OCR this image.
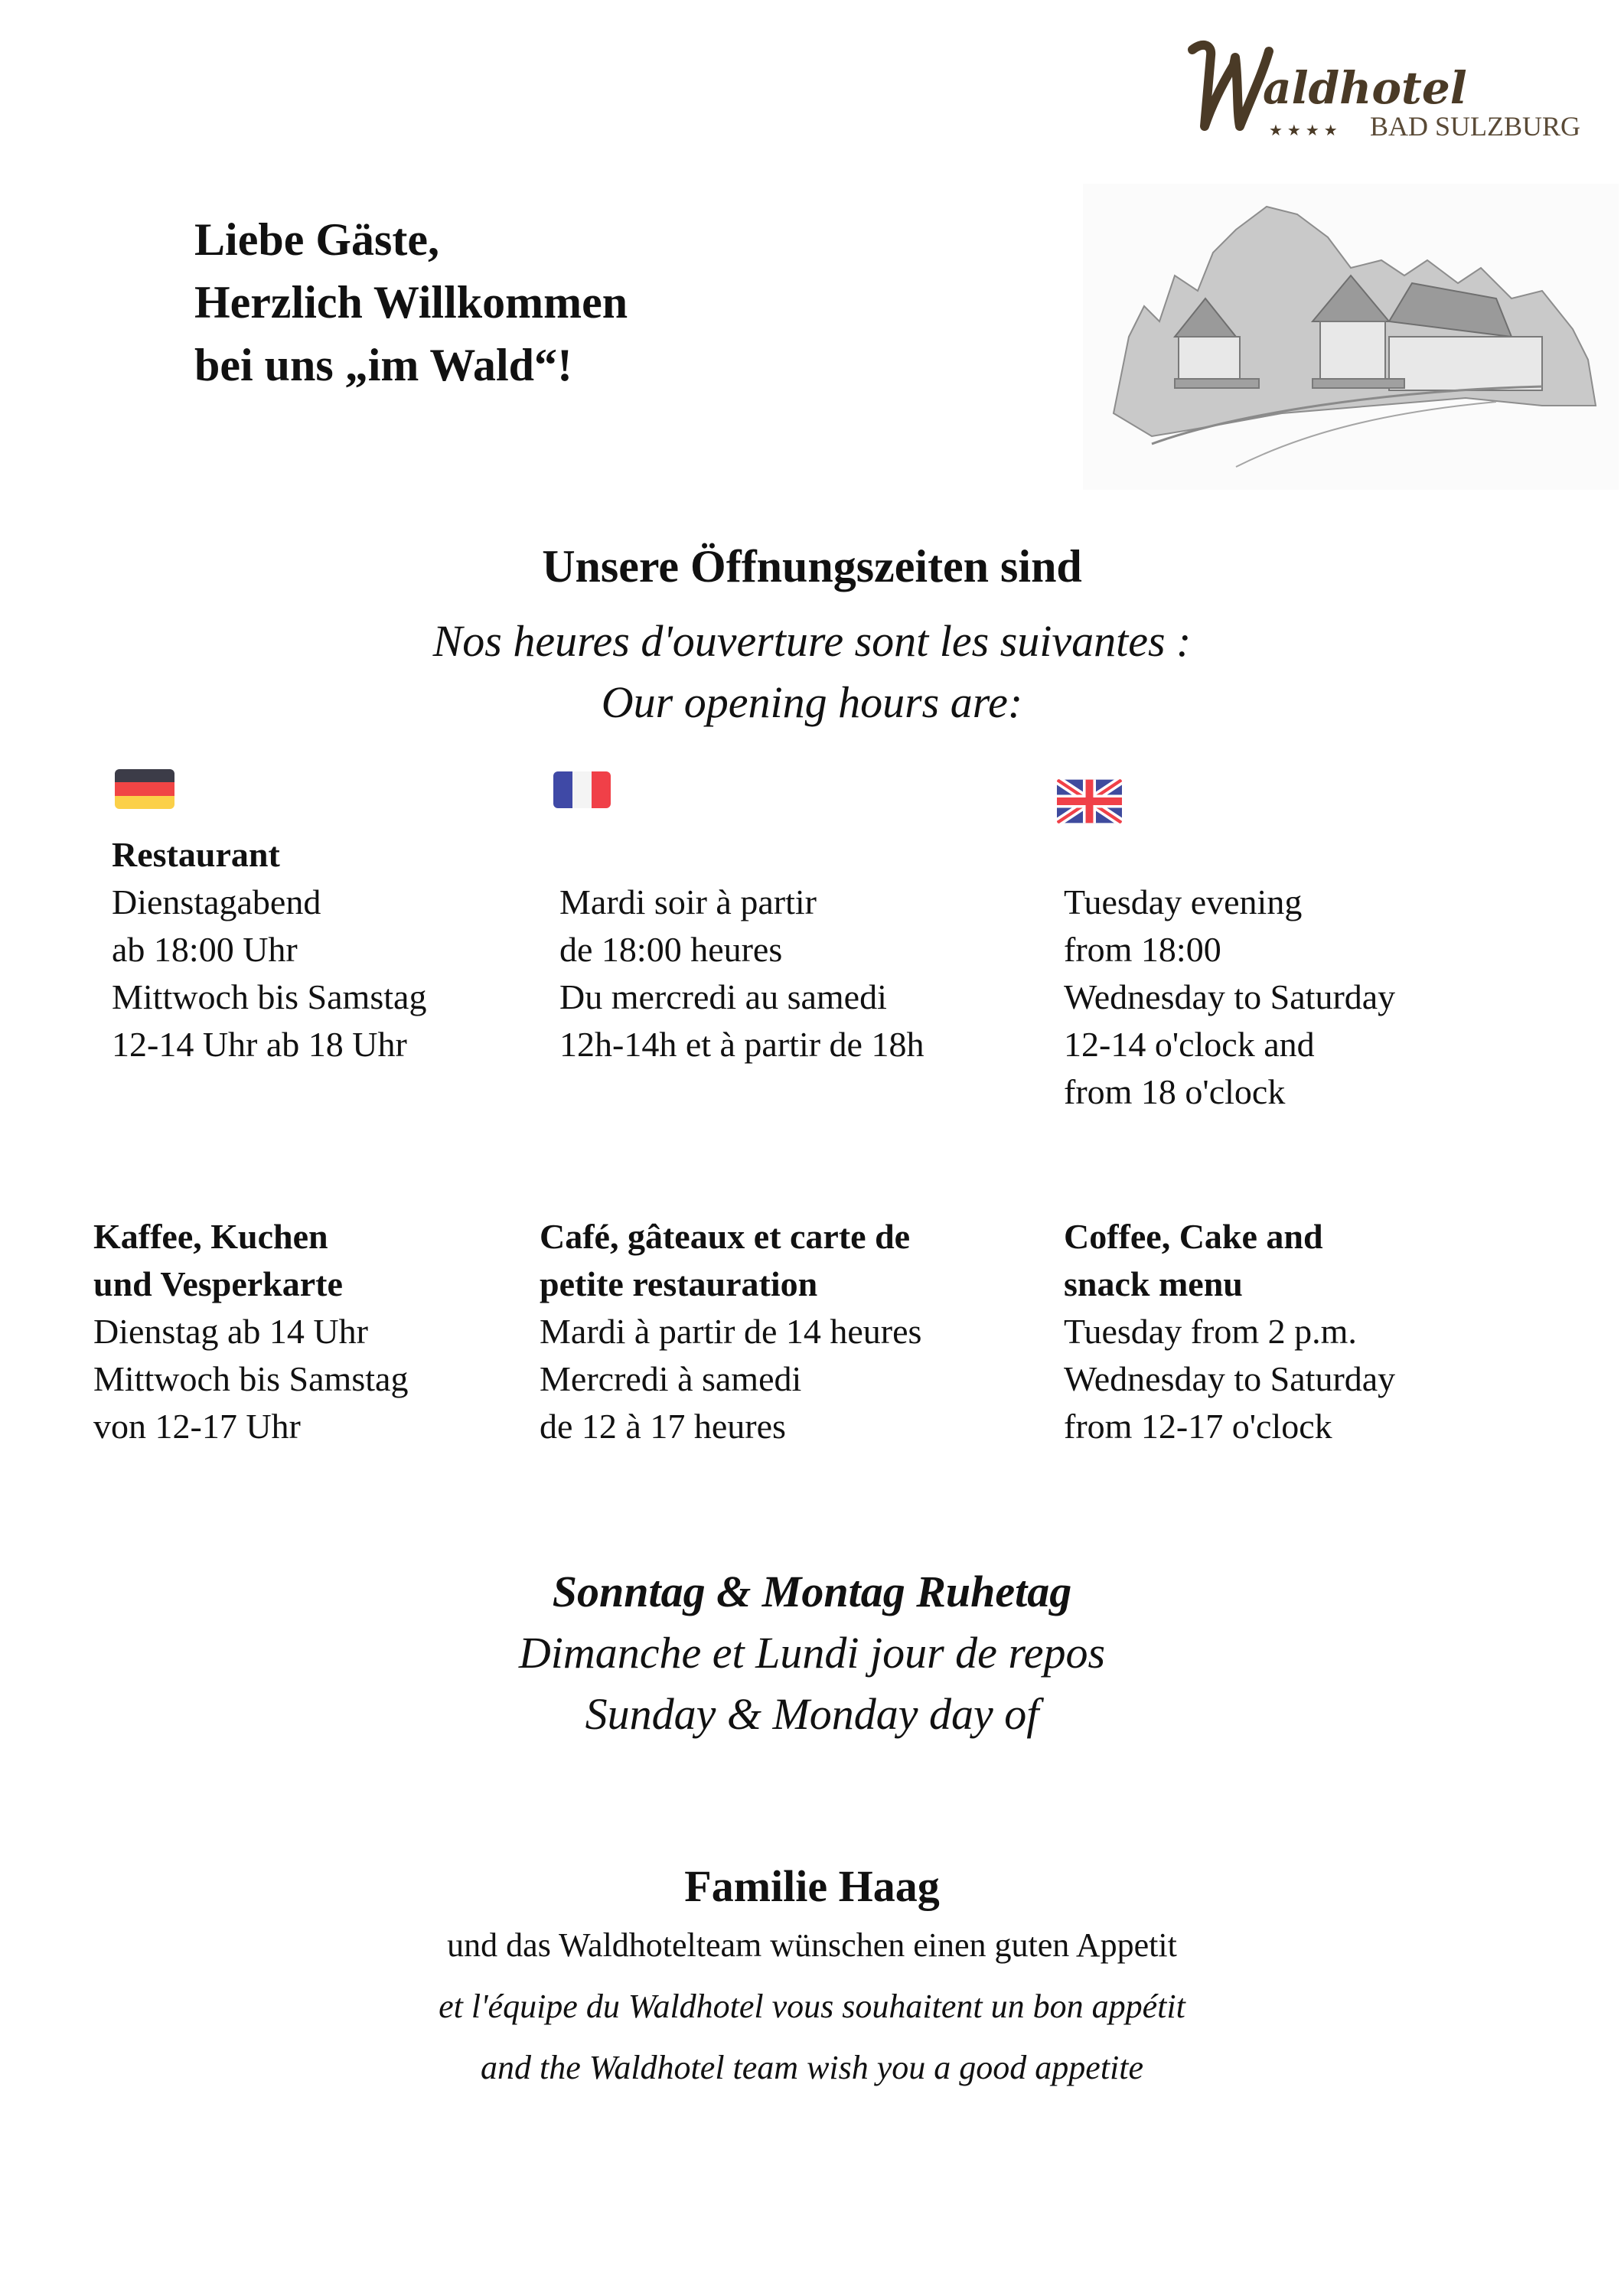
aldhotel
★★★★ BAD SULZBURG
Liebe Gäste,
Herzlich Willkommen
bei uns „im Wald“!
Unsere Öffnungszeiten sind
Nos heures d'ouverture sont les suivantes :
Our opening hours are:
Restaurant
Dienstagabend
ab 18:00 Uhr
Mittwoch bis Samstag
12-14 Uhr ab 18 Uhr
Mardi soir à partir
de 18:00 heures
Du mercredi au samedi
12h-14h et à partir de 18h
Tuesday evening
from 18:00
Wednesday to Saturday
12-14 o'clock and
from 18 o'clock
Kaffee, Kuchen
und Vesperkarte
Dienstag ab 14 Uhr
Mittwoch bis Samstag
von 12-17 Uhr
Café, gâteaux et carte de
petite restauration
Mardi à partir de 14 heures
Mercredi à samedi
de 12 à 17 heures
Coffee, Cake and
snack menu
Tuesday from 2 p.m.
Wednesday to Saturday
from 12-17 o'clock
Sonntag & Montag Ruhetag
Dimanche et Lundi jour de repos
Sunday & Monday day of
Familie Haag
und das Waldhotelteam wünschen einen guten Appetit
et l'équipe du Waldhotel vous souhaitent un bon appétit
and the Waldhotel team wish you a good appetite
